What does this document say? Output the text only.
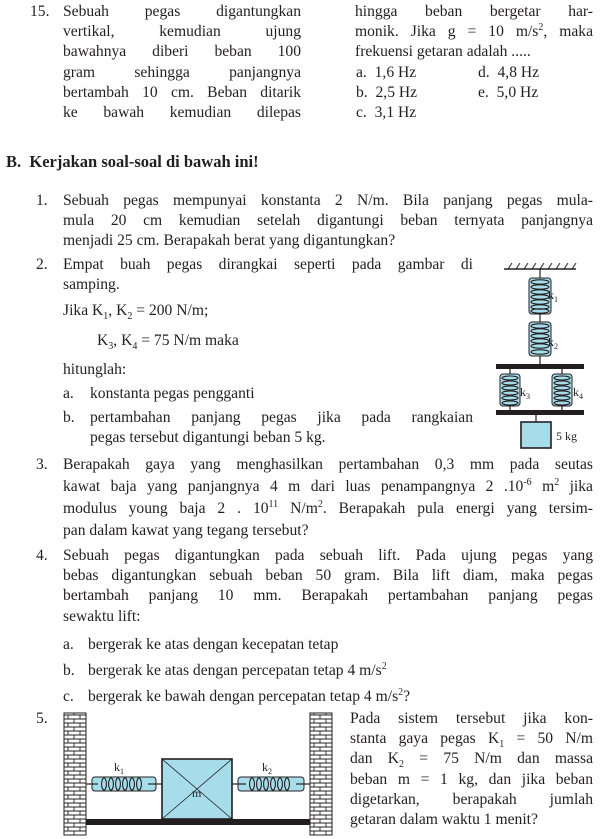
15. Sebuah pegas digantungkan
vertikal, kemudian ujung
bawahnya diberi beban 100
gram sehingga panjangnya
bertambah 10 cm. Beban ditarik
ke bawah kemudian dilepas
hingga beban bergetar har-
monik. Jika g = 10 $m/s^2$, maka
frekuensi getaran adalah .....
a. 1,6 Hz
b. 2,5 Hz
c. 3,1 Hz
d. 4,8 Hz
e. 5,0 Hz
B. Kerjakan soal-soal di bawah ini!
1. Sebuah pegas mempunyai konstanta 2 N/m. Bila panjang pegas mula-
mula 20 cm kemudian setelah digantungi beban ternyata panjangnya
menjadi 25 cm. Berapakah berat yang digantungkan?
2. Empat buah pegas dirangkai seperti pada gambar di
samping.
Jika $K_1$, $K_2 = 200$ N/m;
$K_3$, $K_4 = 75$ N/m maka
hitunglah:
a.	konstanta pegas pengganti
b. pertambahan panjang pegas jika pada rangkaian
pegas tersebut digantungi beban 5 kg.
$k_1$
$k_2$
$k_3$	$k_4$
5 kg
3. Berapakah gaya yang menghasilkan pertambahan 0,3 mm pada seutas
kawat baja yang panjangnya 4 m dari luas penampangnya 2 $.10^{-6}$ $m^2$ jika
modulus young baja 2 . $10^{11}$ $N/m^2$. Berapakah pula energi yang tersim-
pan dalam kawat yang tegang tersebut?
4. Sebuah pegas digantungkan pada sebuah lift. Pada ujung pegas yang
bebas digantungkan sebuah beban 50 gram. Bila lift diam, maka pegas
bertambah panjang 10 mm. Berapakah pertambahan panjang pegas
sewaktu lift:
a. bergerak ke atas dengan kecepatan tetap
b. bergerak ke atas dengan percepatan tetap 4 $m/s^2$
c. bergerak ke bawah dengan percepatan tetap 4 $m/s^2$?
5.
$k_1$
m
$k_2$
Pada sistem tersebut jika kon-
stanta gaya pegas $K_1 = 50$ N/m
dan $K_2 = 75$ N/m dan massa
beban m = 1 kg, dan jika beban
digetarkan, berapakah jumlah
getaran dalam waktu 1 menit?
